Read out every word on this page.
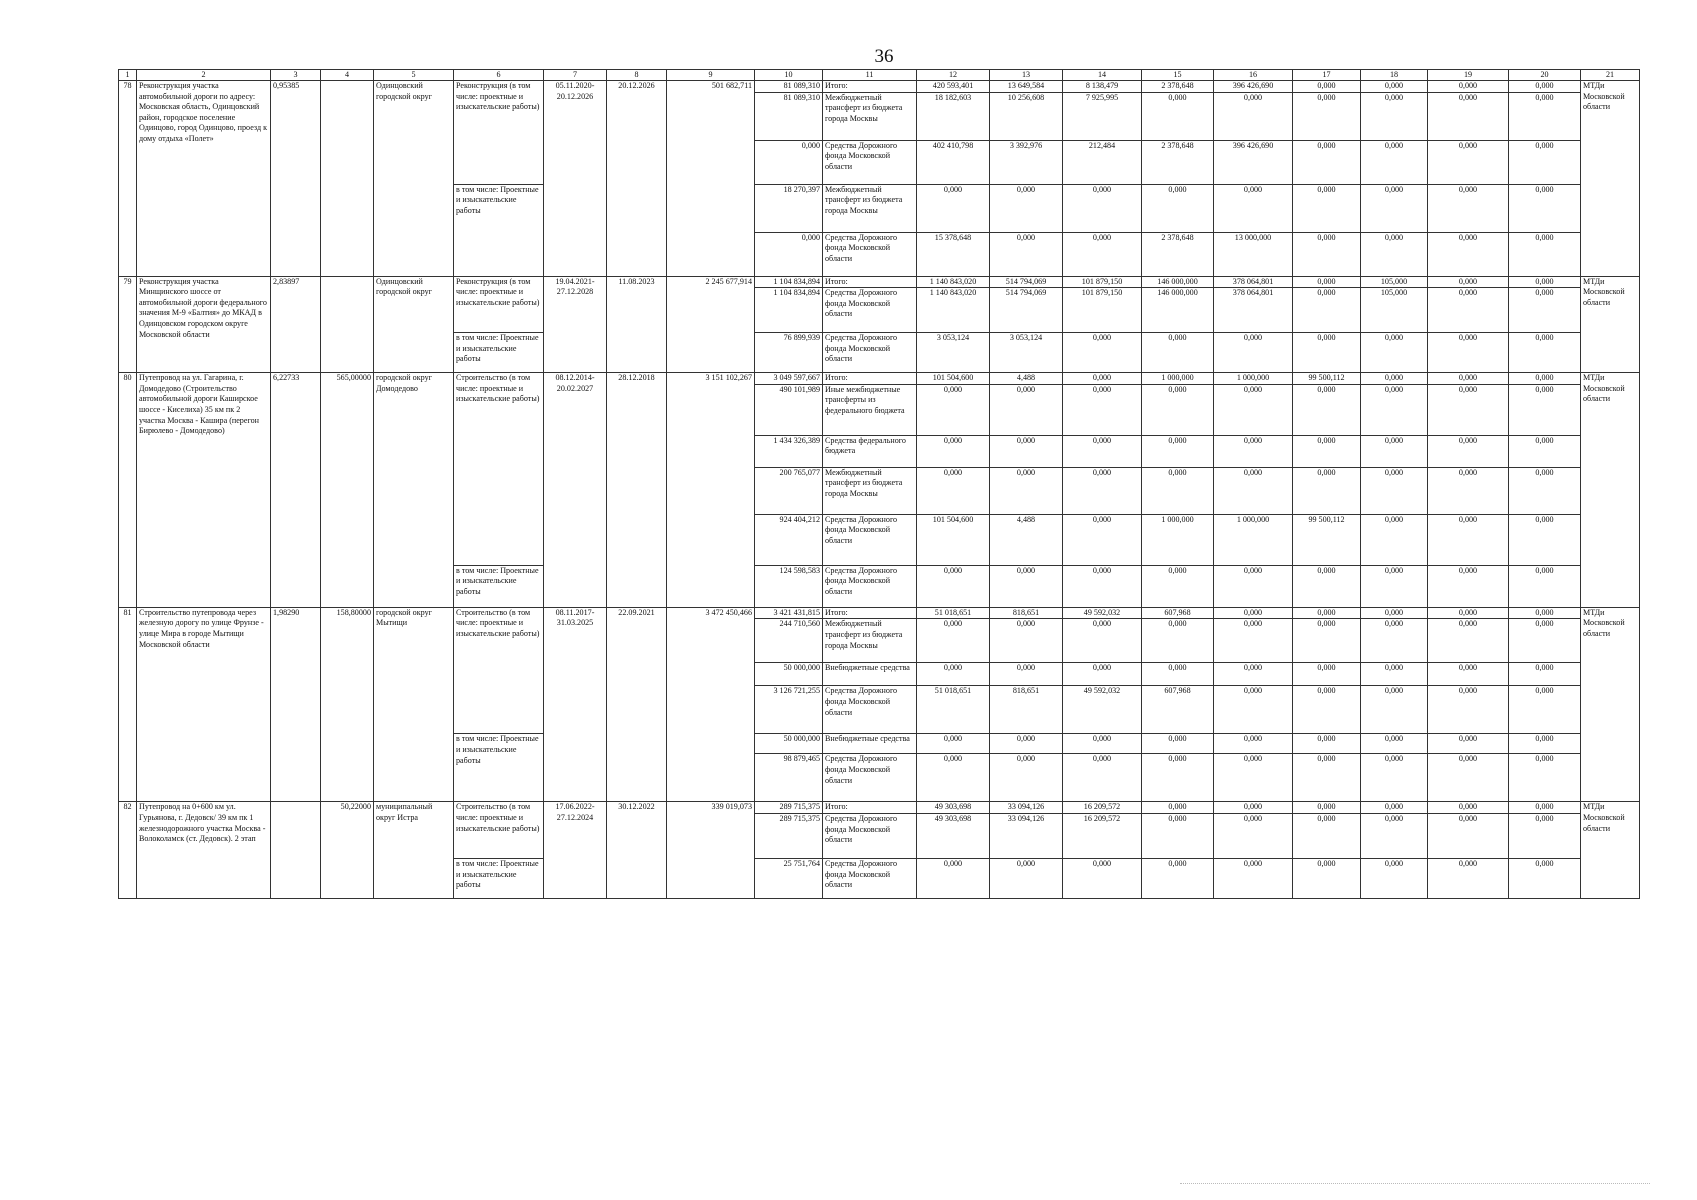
36
1	2	3	4	5	6	7	8	9	10	11	12	13	14	15	16	17	18	19	20	21
78	Реконструкция участка автомобильной дороги по адресу: Московская область, Одинцовский район, городское поселение Одинцово, город Одинцово, проезд к дому отдыха «Полет»	0,95385		Одинцовский городской округ	Реконструкция (в том числе: проектные и изыскательские работы)	05.11.2020-20.12.2026	20.12.2026	501 682,711	81 089,310	Итого:	420 593,401	13 649,584	8 138,479	2 378,648	396 426,690	0,000	0,000	0,000	0,000	МТДи Московской области
									81 089,310	Межбюджетный трансферт из бюджета города Москвы	18 182,603	10 256,608	7 925,995	0,000	0,000	0,000	0,000	0,000	0,000	
									0,000	Средства Дорожного фонда Московской области	402 410,798	3 392,976	212,484	2 378,648	396 426,690	0,000	0,000	0,000	0,000	
					в том числе: Проектные и изыскательские работы				18 270,397	Межбюджетный трансферт из бюджета города Москвы	0,000	0,000	0,000	0,000	0,000	0,000	0,000	0,000	0,000	
									0,000	Средства Дорожного фонда Московской области	15 378,648	0,000	0,000	2 378,648	13 000,000	0,000	0,000	0,000	0,000	
79	Реконструкция участка Минщинского шоссе от автомобильной дороги федерального значения М-9 «Балтия» до МКАД в Одинцовском городском округе Московской области	2,83897		Одинцовский городской округ	Реконструкция (в том числе: проектные и изыскательские работы)	19.04.2021-27.12.2028	11.08.2023	2 245 677,914	1 104 834,894	Итого:	1 140 843,020	514 794,069	101 879,150	146 000,000	378 064,801	0,000	105,000	0,000	0,000	МТДи Московской области
									1 104 834,894	Средства Дорожного фонда Московской области	1 140 843,020	514 794,069	101 879,150	146 000,000	378 064,801	0,000	105,000	0,000	0,000	
					в том числе: Проектные и изыскательские работы				76 899,939	Средства Дорожного фонда Московской области	3 053,124	3 053,124	0,000	0,000	0,000	0,000	0,000	0,000	0,000	
80	Путепровод на ул. Гагарина, г. Домодедово (Строительство автомобильной дороги Каширское шоссе - Киселиха) 35 км пк 2 участка Москва - Кашира (перегон Бирюлево - Домодедово)	6,22733	565,00000	городской округ Домодедово	Строительство (в том числе: проектные и изыскательские работы)	08.12.2014-20.02.2027	28.12.2018	3 151 102,267	3 049 597,667	Итого:	101 504,600	4,488	0,000	1 000,000	1 000,000	99 500,112	0,000	0,000	0,000	МТДи Московской области
									490 101,989	Иные межбюджетные трансферты из федерального бюджета	0,000	0,000	0,000	0,000	0,000	0,000	0,000	0,000	0,000	
									1 434 326,389	Средства федерального бюджета	0,000	0,000	0,000	0,000	0,000	0,000	0,000	0,000	0,000	
									200 765,077	Межбюджетный трансферт из бюджета города Москвы	0,000	0,000	0,000	0,000	0,000	0,000	0,000	0,000	0,000	
									924 404,212	Средства Дорожного фонда Московской области	101 504,600	4,488	0,000	1 000,000	1 000,000	99 500,112	0,000	0,000	0,000	
					в том числе: Проектные и изыскательские работы				124 598,583	Средства Дорожного фонда Московской области	0,000	0,000	0,000	0,000	0,000	0,000	0,000	0,000	0,000	
81	Строительство путепровода через железную дорогу по улице Фрунзе - улице Мира в городе Мытищи Московской области	1,98290	158,80000	городской округ Мытищи	Строительство (в том числе: проектные и изыскательские работы)	08.11.2017-31.03.2025	22.09.2021	3 472 450,466	3 421 431,815	Итого:	51 018,651	818,651	49 592,032	607,968	0,000	0,000	0,000	0,000	0,000	МТДи Московской области
									244 710,560	Межбюджетный трансферт из бюджета города Москвы	0,000	0,000	0,000	0,000	0,000	0,000	0,000	0,000	0,000	
									50 000,000	Внебюджетные средства	0,000	0,000	0,000	0,000	0,000	0,000	0,000	0,000	0,000	
									3 126 721,255	Средства Дорожного фонда Московской области	51 018,651	818,651	49 592,032	607,968	0,000	0,000	0,000	0,000	0,000	
					в том числе: Проектные и изыскательские работы				50 000,000	Внебюджетные средства	0,000	0,000	0,000	0,000	0,000	0,000	0,000	0,000	0,000	
									98 879,465	Средства Дорожного фонда Московской области	0,000	0,000	0,000	0,000	0,000	0,000	0,000	0,000	0,000	
82	Путепровод на 0+600 км ул. Гурьянова, г. Дедовск/ 39 км пк 1 железнодорожного участка Москва - Волоколамск (ст. Дедовск). 2 этап		50,22000	муниципальный округ Истра	Строительство (в том числе: проектные и изыскательские работы)	17.06.2022-27.12.2024	30.12.2022	339 019,073	289 715,375	Итого:	49 303,698	33 094,126	16 209,572	0,000	0,000	0,000	0,000	0,000	0,000	МТДи Московской области
									289 715,375	Средства Дорожного фонда Московской области	49 303,698	33 094,126	16 209,572	0,000	0,000	0,000	0,000	0,000	0,000	
					в том числе: Проектные и изыскательские работы				25 751,764	Средства Дорожного фонда Московской области	0,000	0,000	0,000	0,000	0,000	0,000	0,000	0,000	0,000	
